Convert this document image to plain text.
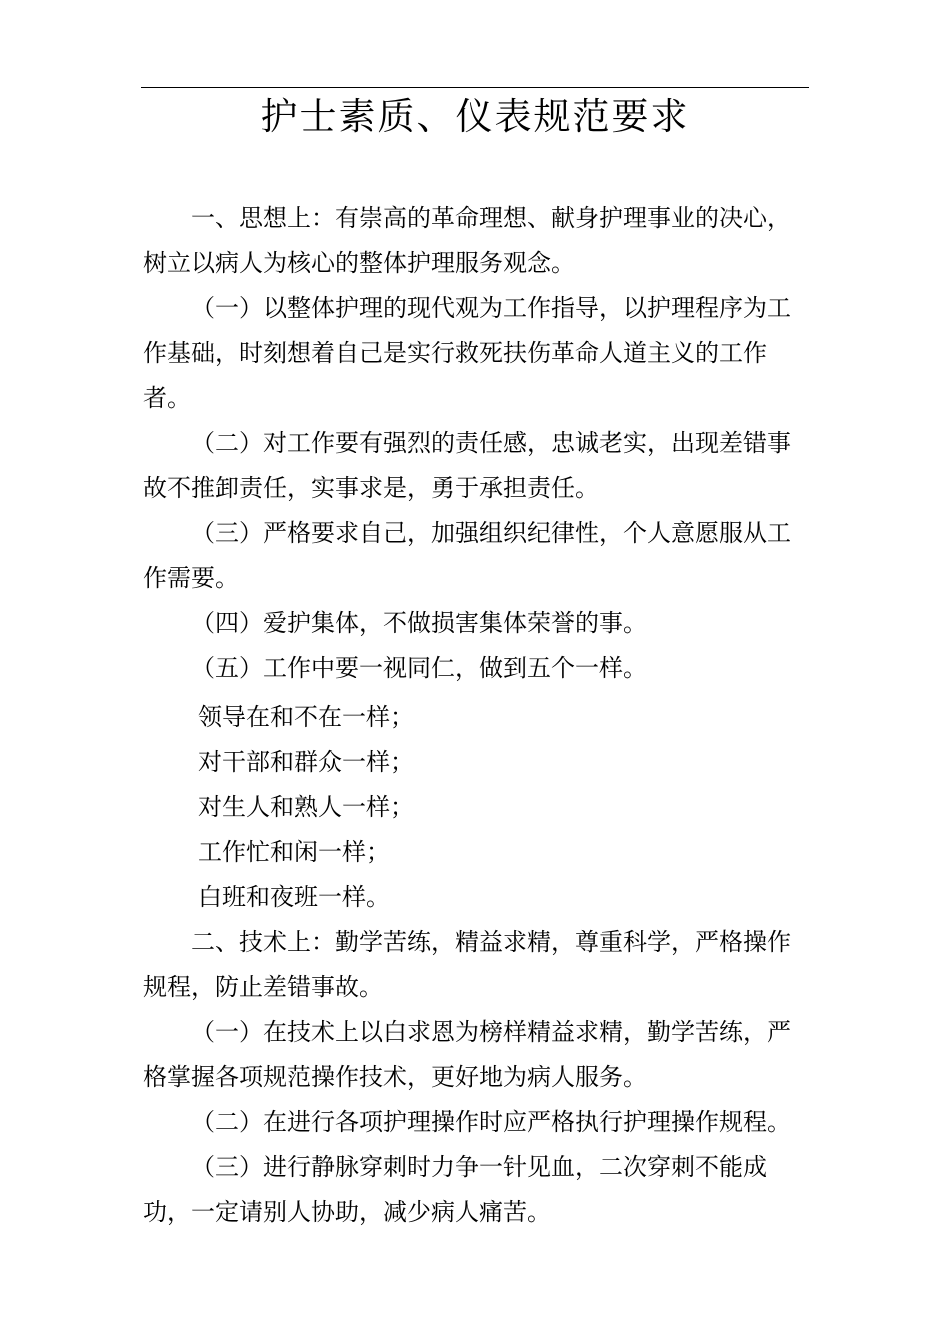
护士素质、仪表规范要求

一、思想上：有崇高的革命理想、献身护理事业的决心，树立以病人为核心的整体护理服务观念。

（一）以整体护理的现代观为工作指导，以护理程序为工作基础，时刻想着自己是实行救死扶伤革命人道主义的工作者。

（二）对工作要有强烈的责任感，忠诚老实，出现差错事故不推卸责任，实事求是，勇于承担责任。

（三）严格要求自己，加强组织纪律性，个人意愿服从工作需要。

（四）爱护集体，不做损害集体荣誉的事。

（五）工作中要一视同仁，做到五个一样。

领导在和不在一样；

对干部和群众一样；

对生人和熟人一样；

工作忙和闲一样；

白班和夜班一样。

二、技术上：勤学苦练，精益求精，尊重科学，严格操作规程，防止差错事故。

（一）在技术上以白求恩为榜样精益求精，勤学苦练，严格掌握各项规范操作技术，更好地为病人服务。

（二）在进行各项护理操作时应严格执行护理操作规程。

（三）进行静脉穿刺时力争一针见血，二次穿刺不能成功，一定请别人协助，减少病人痛苦。
